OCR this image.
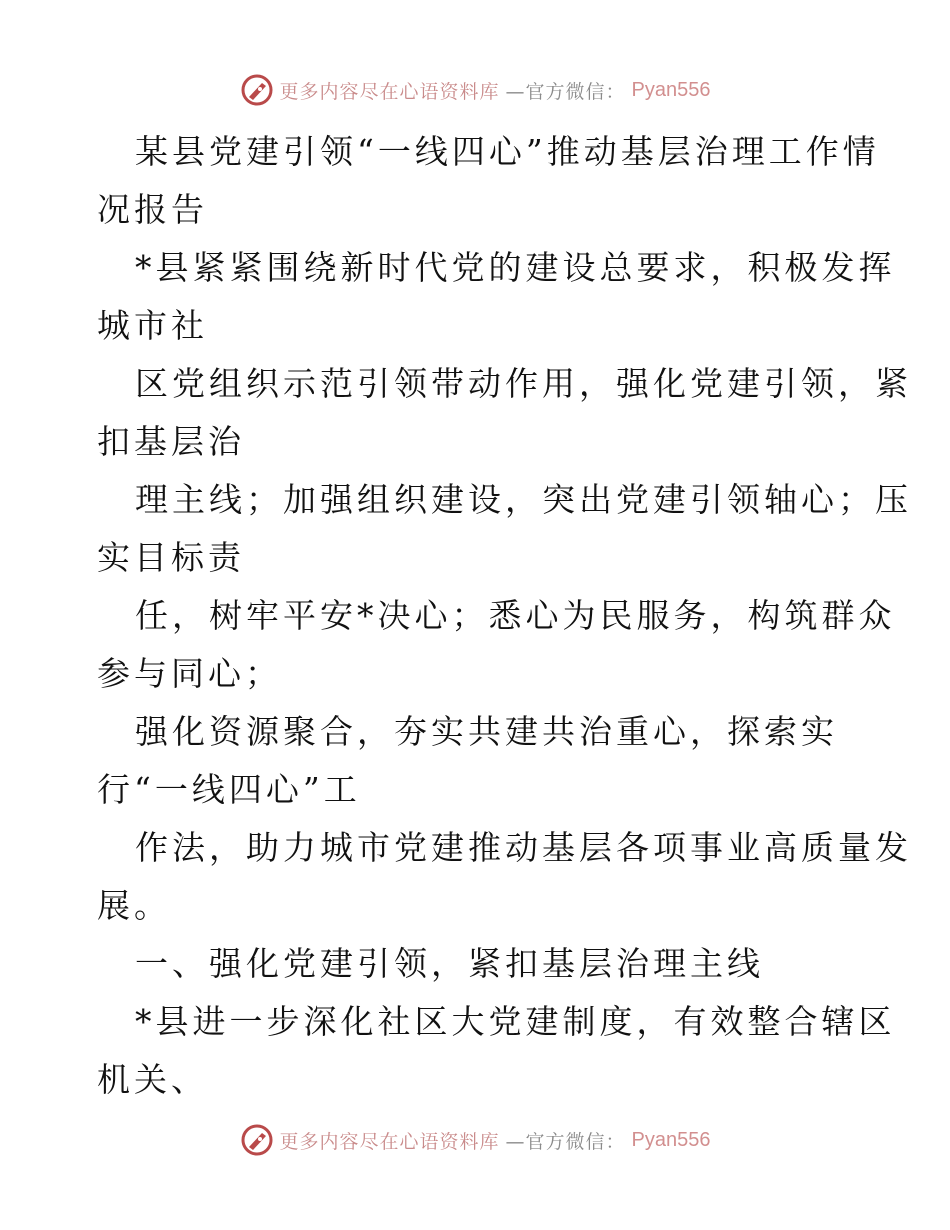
更多内容尽在心语资料库 —官方微信： Pyan556
某县党建引领“一线四心”推动基层治理工作情
况报告
*县紧紧围绕新时代党的建设总要求，积极发挥
城市社
区党组织示范引领带动作用，强化党建引领，紧
扣基层治
理主线；加强组织建设，突出党建引领轴心；压
实目标责
任，树牢平安*决心；悉心为民服务，构筑群众
参与同心；
强化资源聚合，夯实共建共治重心，探索实
行“一线四心”工
作法，助力城市党建推动基层各项事业高质量发
展。
一、强化党建引领，紧扣基层治理主线
*县进一步深化社区大党建制度，有效整合辖区
机关、
更多内容尽在心语资料库 —官方微信： Pyan556
